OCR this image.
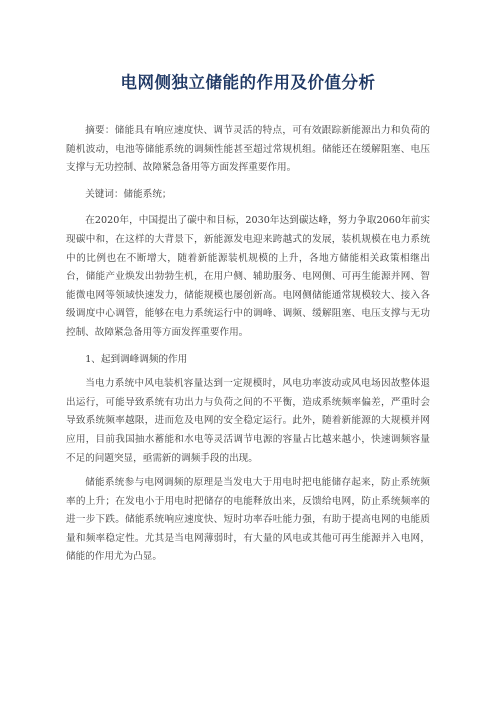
电网侧独立储能的作用及价值分析

摘要：储能具有响应速度快、调节灵活的特点，可有效跟踪新能源出力和负荷的随机波动，电池等储能系统的调频性能甚至超过常规机组。储能还在缓解阻塞、电压支撑与无功控制、故障紧急备用等方面发挥重要作用。

关键词：储能系统；

在2020年，中国提出了碳中和目标，2030年达到碳达峰，努力争取2060年前实现碳中和，在这样的大背景下，新能源发电迎来跨越式的发展，装机规模在电力系统中的比例也在不断增大，随着新能源装机规模的上升，各地方储能相关政策相继出台，储能产业焕发出勃勃生机，在用户侧、辅助服务、电网侧、可再生能源并网、智能微电网等领域快速发力，储能规模也屡创新高。电网侧储能通常规模较大、接入各级调度中心调管，能够在电力系统运行中的调峰、调频、缓解阻塞、电压支撑与无功控制、故障紧急备用等方面发挥重要作用。

1、起到调峰调频的作用

当电力系统中风电装机容量达到一定规模时，风电功率波动或风电场因故整体退出运行，可能导致系统有功出力与负荷之间的不平衡，造成系统频率偏差，严重时会导致系统频率越限，进而危及电网的安全稳定运行。此外，随着新能源的大规模并网应用，目前我国抽水蓄能和水电等灵活调节电源的容量占比越来越小，快速调频容量不足的问题突显，亟需新的调频手段的出现。

储能系统参与电网调频的原理是当发电大于用电时把电能储存起来，防止系统频率的上升；在发电小于用电时把储存的电能释放出来，反馈给电网，防止系统频率的进一步下跌。储能系统响应速度快、短时功率吞吐能力强，有助于提高电网的电能质量和频率稳定性。尤其是当电网薄弱时，有大量的风电或其他可再生能源并入电网，储能的作用尤为凸显。
